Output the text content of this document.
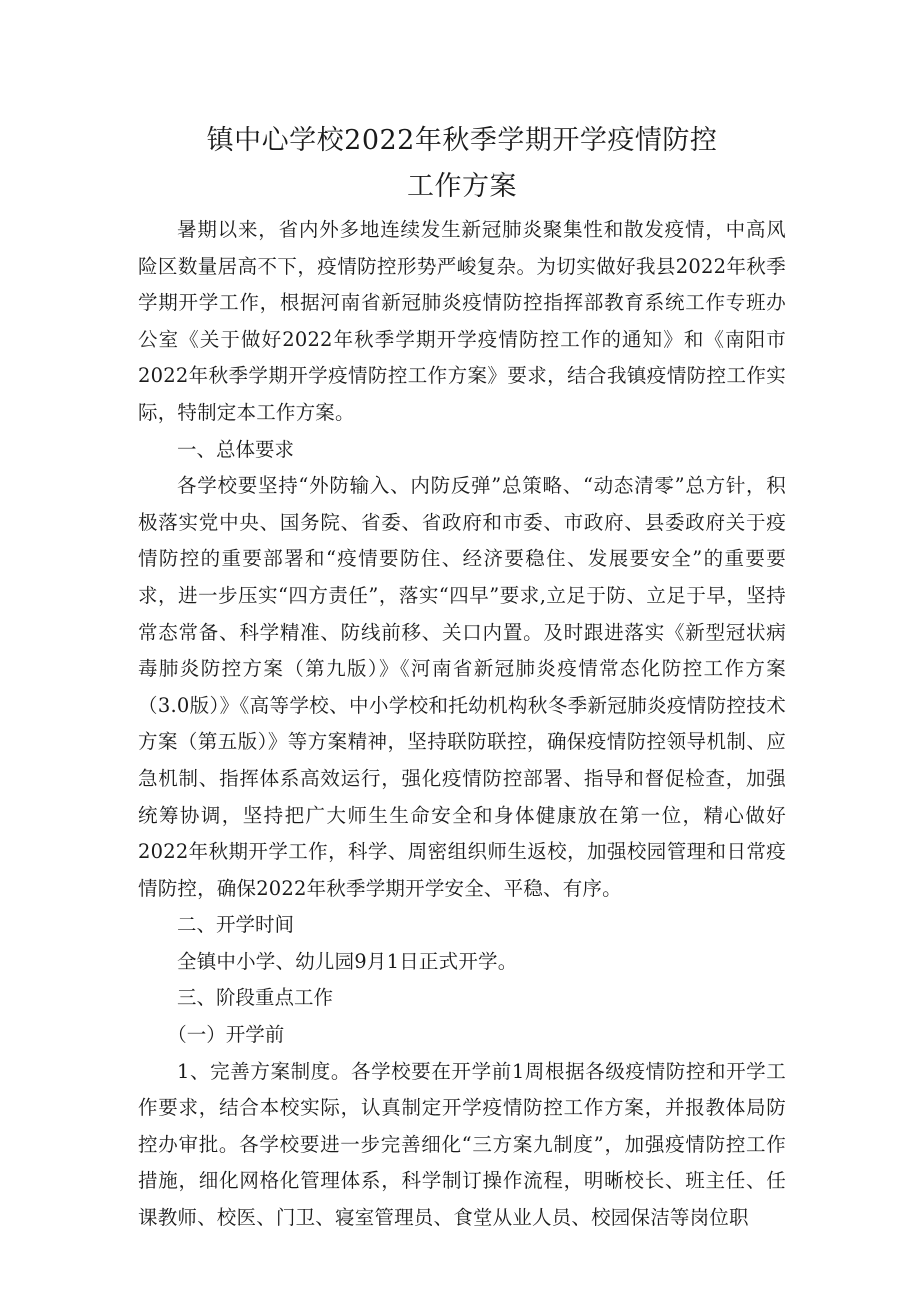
镇中心学校2022年秋季学期开学疫情防控
工作方案

暑期以来，省内外多地连续发生新冠肺炎聚集性和散发疫情，中高风险区数量居高不下，疫情防控形势严峻复杂。为切实做好我县2022年秋季学期开学工作，根据河南省新冠肺炎疫情防控指挥部教育系统工作专班办公室《关于做好2022年秋季学期开学疫情防控工作的通知》和《南阳市2022年秋季学期开学疫情防控工作方案》要求，结合我镇疫情防控工作实际，特制定本工作方案。

一、总体要求

各学校要坚持“外防输入、内防反弹”总策略、“动态清零”总方针，积极落实党中央、国务院、省委、省政府和市委、市政府、县委政府关于疫情防控的重要部署和“疫情要防住、经济要稳住、发展要安全”的重要要求，进一步压实“四方责任”，落实“四早”要求,立足于防、立足于早，坚持常态常备、科学精准、防线前移、关口内置。及时跟进落实《新型冠状病毒肺炎防控方案（第九版）》《河南省新冠肺炎疫情常态化防控工作方案（3.0版）》《高等学校、中小学校和托幼机构秋冬季新冠肺炎疫情防控技术方案（第五版）》等方案精神，坚持联防联控，确保疫情防控领导机制、应急机制、指挥体系高效运行，强化疫情防控部署、指导和督促检查，加强统筹协调，坚持把广大师生生命安全和身体健康放在第一位，精心做好2022年秋期开学工作，科学、周密组织师生返校，加强校园管理和日常疫情防控，确保2022年秋季学期开学安全、平稳、有序。

二、开学时间

全镇中小学、幼儿园9月1日正式开学。

三、阶段重点工作

（一）开学前

1、完善方案制度。各学校要在开学前1周根据各级疫情防控和开学工作要求，结合本校实际，认真制定开学疫情防控工作方案，并报教体局防控办审批。各学校要进一步完善细化“三方案九制度”，加强疫情防控工作措施，细化网格化管理体系，科学制订操作流程，明晰校长、班主任、任课教师、校医、门卫、寝室管理员、食堂从业人员、校园保洁等岗位职
